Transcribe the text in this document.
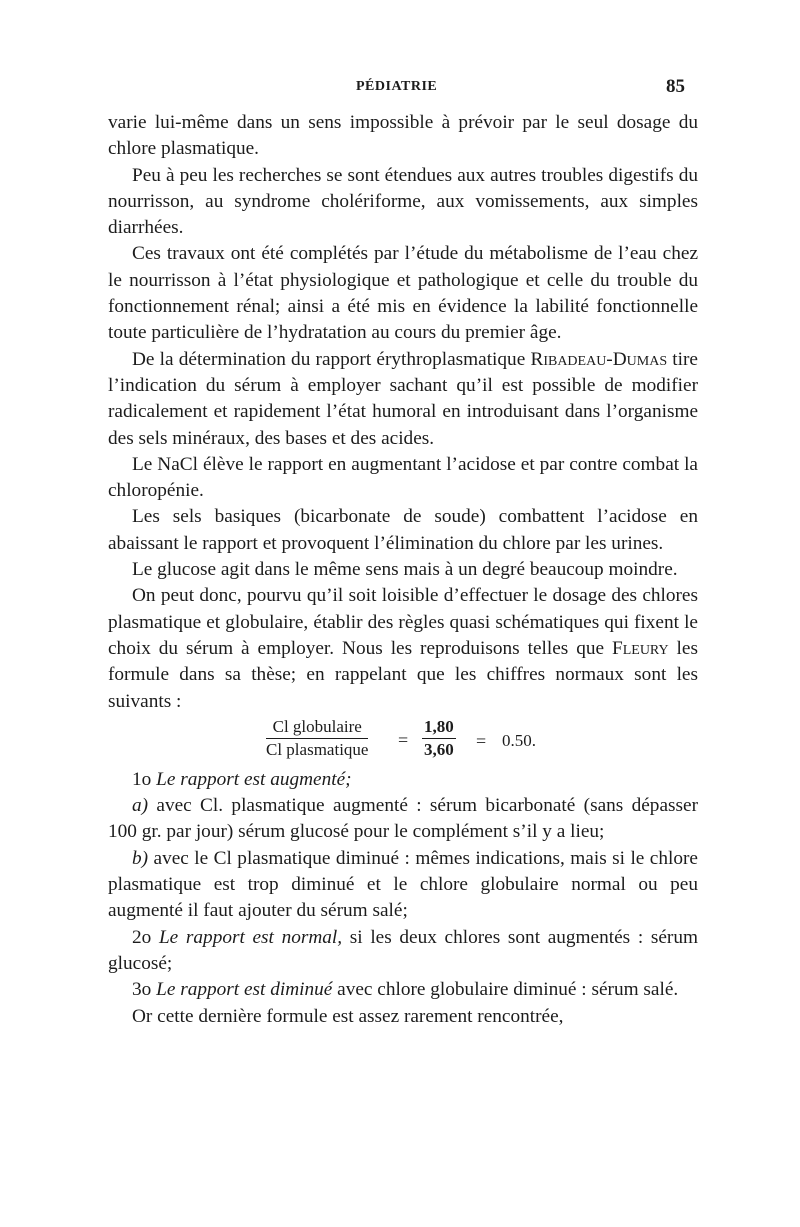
PÉDIATRIE	85

varie lui-même dans un sens impossible à prévoir par le seul dosage du chlore plasmatique.

Peu à peu les recherches se sont étendues aux autres troubles digestifs du nourrisson, au syndrome cholériforme, aux vomissements, aux simples diarrhées.

Ces travaux ont été complétés par l’étude du métabolisme de l’eau chez le nourrisson à l’état physiologique et pathologique et celle du trouble du fonctionnement rénal; ainsi a été mis en évidence la labilité fonctionnelle toute particulière de l’hydratation au cours du premier âge.

De la détermination du rapport érythroplasmatique Ribadeau-Dumas tire l’indication du sérum à employer sachant qu’il est possible de modifier radicalement et rapidement l’état humoral en introduisant dans l’organisme des sels minéraux, des bases et des acides.

Le NaCl élève le rapport en augmentant l’acidose et par contre combat la chloropénie.

Les sels basiques (bicarbonate de soude) combattent l’acidose en abaissant le rapport et provoquent l’élimination du chlore par les urines.

Le glucose agit dans le même sens mais à un degré beaucoup moindre.

On peut donc, pourvu qu’il soit loisible d’effectuer le dosage des chlores plasmatique et globulaire, établir des règles quasi schématiques qui fixent le choix du sérum à employer. Nous les reproduisons telles que Fleury les formule dans sa thèse; en rappelant que les chiffres normaux sont les suivants :

Cl globulaire
Cl plasmatique = $\frac{1,80}{3,60} = 0.50$.

1o Le rapport est augmenté;

a) avec Cl. plasmatique augmenté : sérum bicarbonaté (sans dépasser 100 gr. par jour) sérum glucosé pour le complément s’il y a lieu;

b) avec le Cl plasmatique diminué : mêmes indications, mais si le chlore plasmatique est trop diminué et le chlore globulaire normal ou peu augmenté il faut ajouter du sérum salé;

2o Le rapport est normal, si les deux chlores sont augmentés : sérum glucosé;

3o Le rapport est diminué avec chlore globulaire diminué : sérum salé.

Or cette dernière formule est assez rarement rencontrée,
